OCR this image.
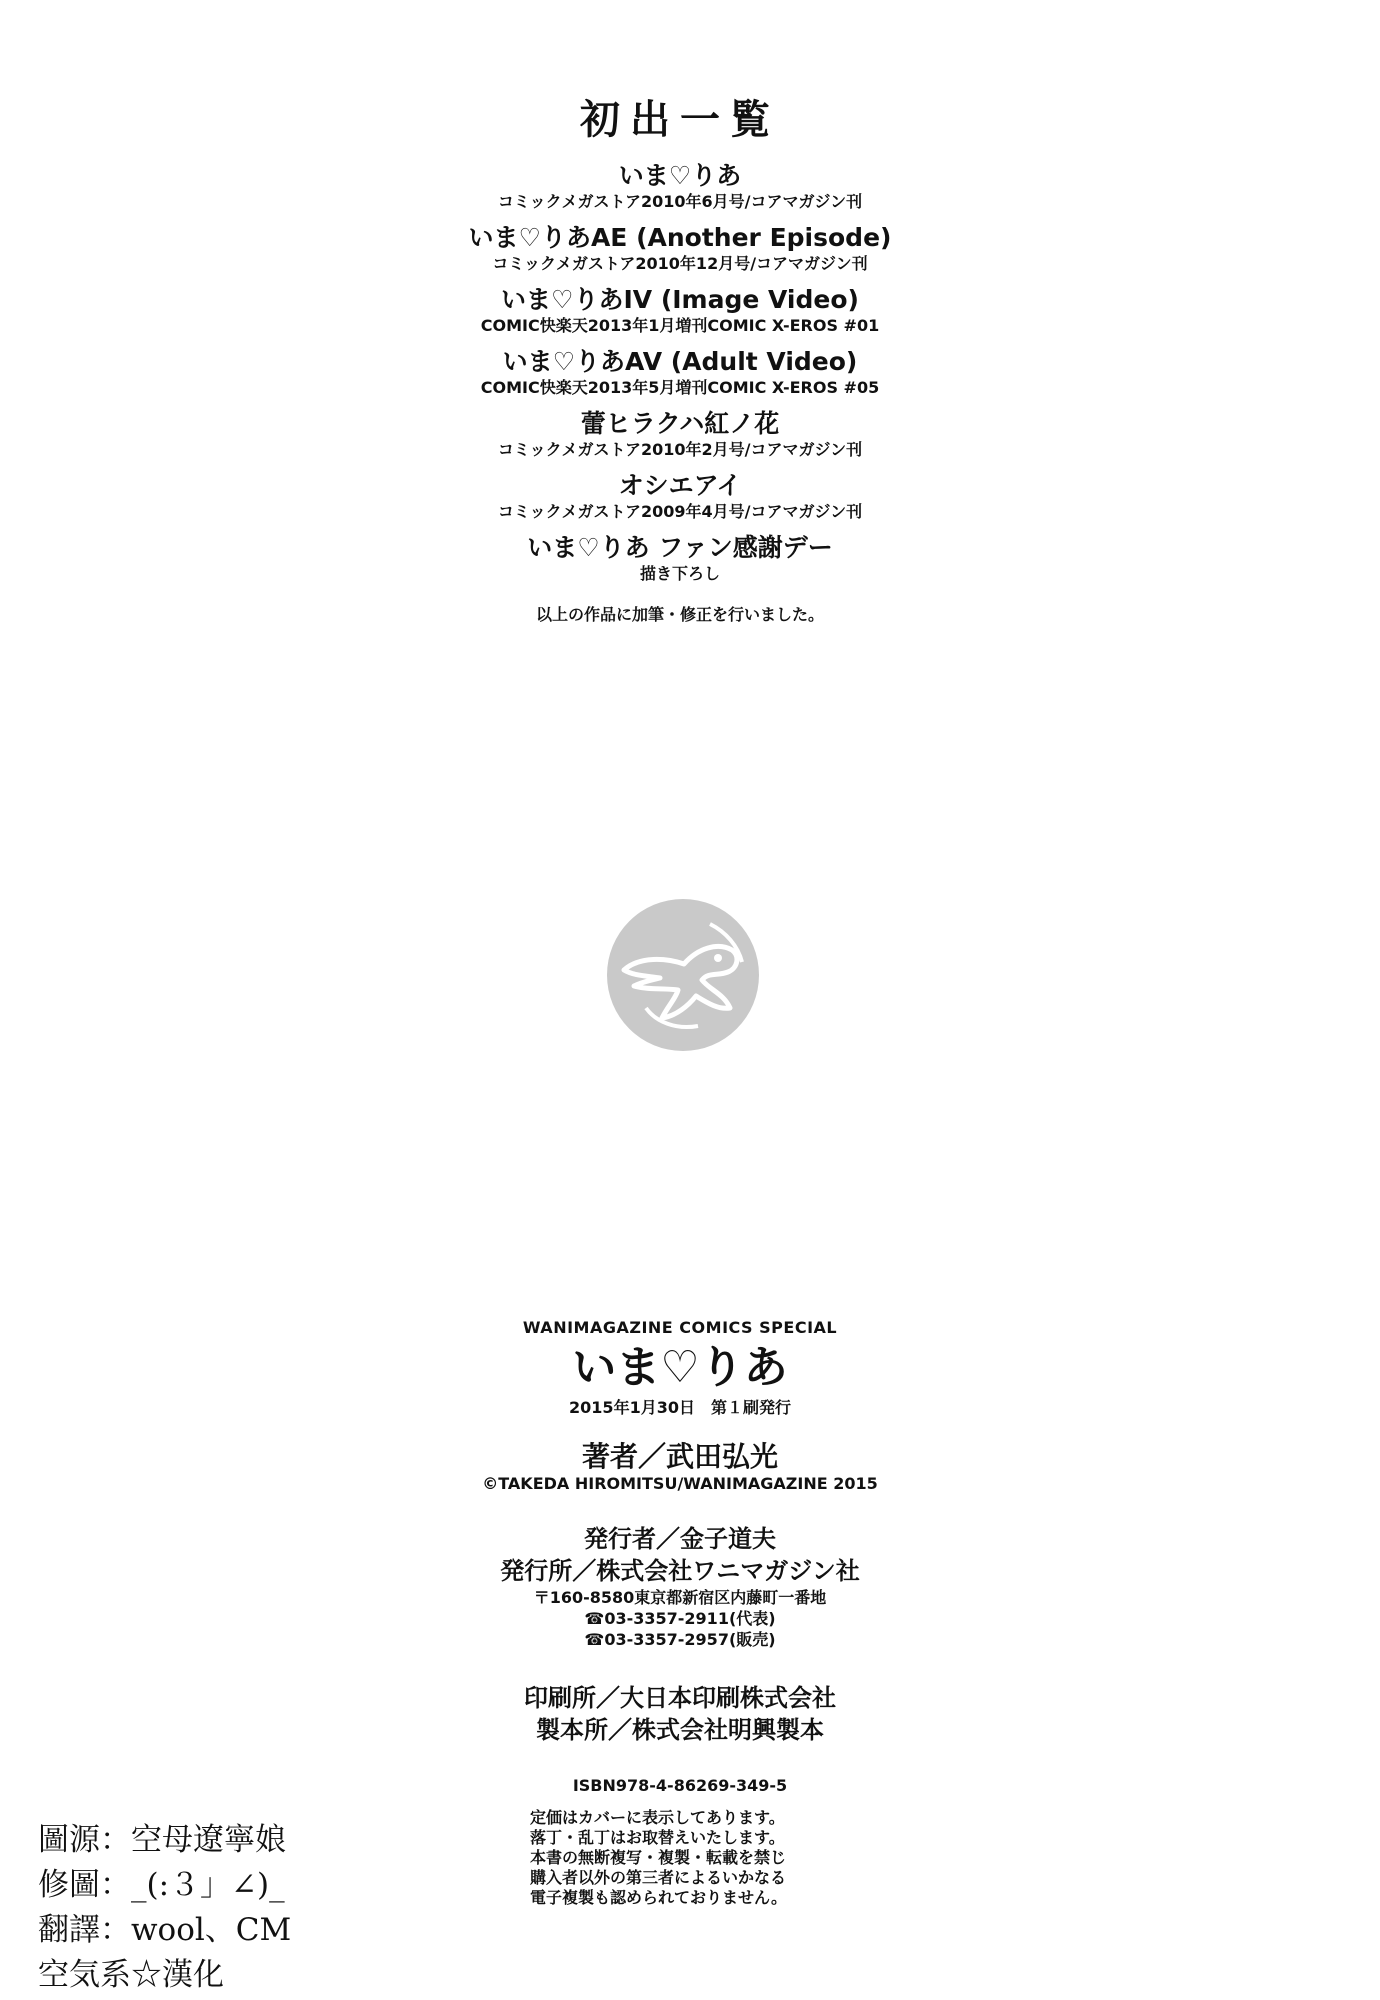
初出一覧
いま♡りあ
コミックメガストア2010年6月号/コアマガジン刊
いま♡りあAE (Another Episode)
コミックメガストア2010年12月号/コアマガジン刊
いま♡りあIV (Image Video)
COMIC快楽天2013年1月増刊COMIC X-EROS #01
いま♡りあAV (Adult Video)
COMIC快楽天2013年5月増刊COMIC X-EROS #05
蕾ヒラクハ紅ノ花
コミックメガストア2010年2月号/コアマガジン刊
オシエアイ
コミックメガストア2009年4月号/コアマガジン刊
いま♡りあ ファン感謝デー
描き下ろし
以上の作品に加筆・修正を行いました。
WANIMAGAZINE COMICS SPECIAL
いま♡りあ
2015年1月30日　第１刷発行
著者／武田弘光
©TAKEDA HIROMITSU/WANIMAGAZINE 2015
発行者／金子道夫
発行所／株式会社ワニマガジン社
〒160-8580東京都新宿区内藤町一番地
☎03-3357-2911(代表)
☎03-3357-2957(販売)
印刷所／大日本印刷株式会社
製本所／株式会社明興製本
ISBN978-4-86269-349-5
定価はカバーに表示してあります。
落丁・乱丁はお取替えいたします。
本書の無断複写・複製・転載を禁じ
購入者以外の第三者によるいかなる
電子複製も認められておりません。
圖源：空母遼寧娘
修圖：_(:３」∠)_
翻譯：wool、CM
空気系☆漢化
